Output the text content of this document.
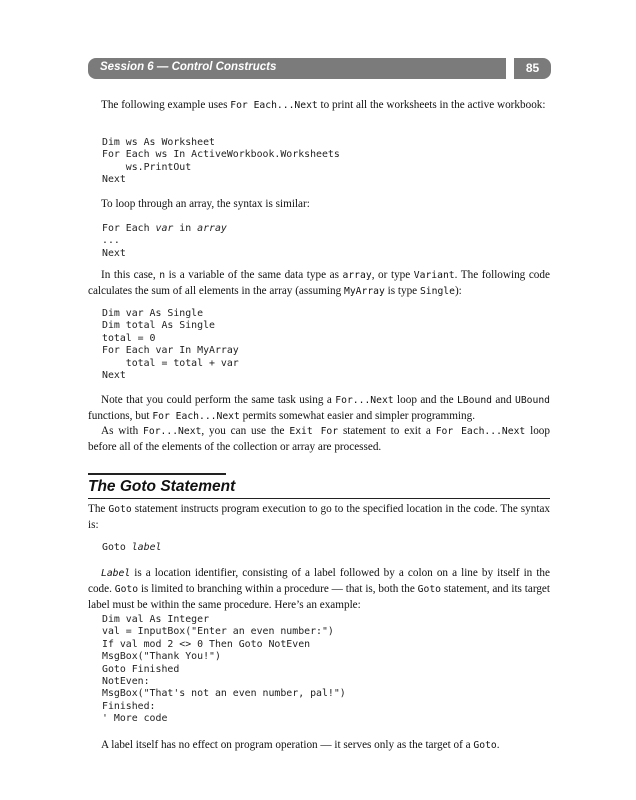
Session 6 — Control Constructs	85

The following example uses For Each...Next to print all the worksheets in the active workbook:

Dim ws As Worksheet
For Each ws In ActiveWorkbook.Worksheets
ws.PrintOut
Next

To loop through an array, the syntax is similar:

For Each var in array
...
Next

In this case, n is a variable of the same data type as array, or type Variant. The following code calculates the sum of all elements in the array (assuming MyArray is type Single):

Dim var As Single
Dim total As Single
total = 0
For Each var In MyArray
total = total + var
Next

Note that you could perform the same task using a For...Next loop and the LBound and UBound functions, but For Each...Next permits somewhat easier and simpler programming.

As with For...Next, you can use the Exit For statement to exit a For Each...Next loop before all of the elements of the collection or array are processed.

The Goto Statement

The Goto statement instructs program execution to go to the specified location in the code. The syntax is:

Goto label

Label is a location identifier, consisting of a label followed by a colon on a line by itself in the code. Goto is limited to branching within a procedure — that is, both the Goto statement, and its target label must be within the same procedure. Here’s an example:

Dim val As Integer
val = InputBox("Enter an even number:")
If val mod 2 <> 0 Then Goto NotEven
MsgBox("Thank You!")
Goto Finished
NotEven:
MsgBox("That's not an even number, pal!")
Finished:
' More code

A label itself has no effect on program operation — it serves only as the target of a Goto.
